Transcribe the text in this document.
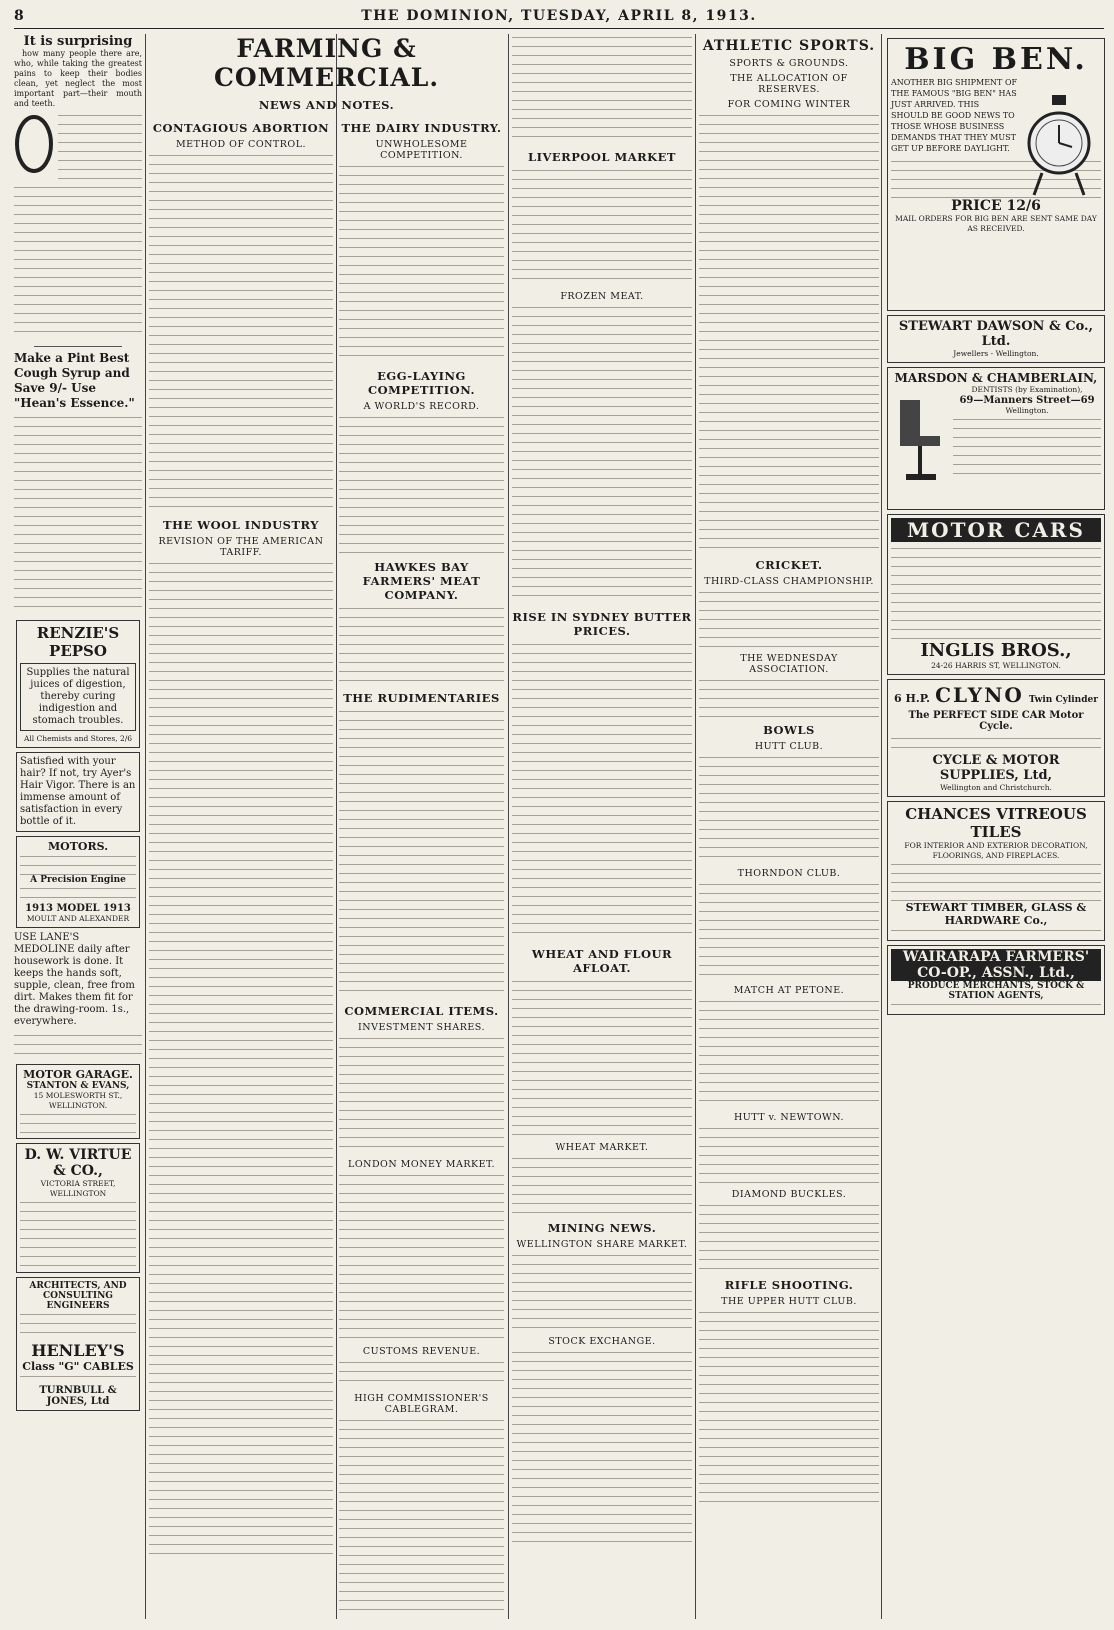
8	THE DOMINION, TUESDAY, APRIL 8, 1913.
It is surprising

how many people there are, who, while taking the greatest pains to keep their bodies clean, yet neglect the most important part—their mouth and teeth.

Make a Pint Best Cough Syrup and Save 9/- Use "Hean's Essence."
RENZIE'S PEPSO
Supplies the natural juices of digestion, thereby curing indigestion and stomach troubles.
All Chemists and Stores, 2/6
Satisfied with your hair? If not, try Ayer's Hair Vigor. There is an immense amount of satisfaction in every bottle of it.
MOTORS.
A Precision Engine
1913 MODEL 1913
MOULT AND ALEXANDER
USE LANE'S MEDOLINE daily after housework is done. It keeps the hands soft, supple, clean, free from dirt. Makes them fit for the drawing-room. 1s., everywhere.
MOTOR GARAGE.
STANTON & EVANS,
15 MOLESWORTH ST., WELLINGTON.
D. W. VIRTUE & CO.,
VICTORIA STREET, WELLINGTON
ARCHITECTS, AND CONSULTING ENGINEERS
HENLEY'S
Class "G" CABLES
TURNBULL & JONES, Ltd
FARMING & COMMERCIAL.
NEWS AND NOTES.
CONTAGIOUS ABORTION
METHOD OF CONTROL.
THE WOOL INDUSTRY
REVISION OF THE AMERICAN TARIFF.
THE DAIRY INDUSTRY.
UNWHOLESOME COMPETITION.
EGG-LAYING COMPETITION.
A WORLD'S RECORD.
HAWKES BAY FARMERS' MEAT COMPANY.
THE RUDIMENTARIES
COMMERCIAL ITEMS.
INVESTMENT SHARES.
LONDON MONEY MARKET.
CUSTOMS REVENUE.
HIGH COMMISSIONER'S CABLEGRAM.
LIVERPOOL MARKET
FROZEN MEAT.
RISE IN SYDNEY BUTTER PRICES.
WHEAT AND FLOUR AFLOAT.
WHEAT MARKET.
MINING NEWS.
WELLINGTON SHARE MARKET.
STOCK EXCHANGE.
ATHLETIC SPORTS.
SPORTS & GROUNDS.
THE ALLOCATION OF RESERVES.
FOR COMING WINTER
CRICKET.
THIRD-CLASS CHAMPIONSHIP.
THE WEDNESDAY ASSOCIATION.
BOWLS
HUTT CLUB.
THORNDON CLUB.
MATCH AT PETONE.
HUTT v. NEWTOWN.
DIAMOND BUCKLES.
RIFLE SHOOTING.
THE UPPER HUTT CLUB.
BIG BEN.
ANOTHER BIG SHIPMENT OF THE FAMOUS "BIG BEN" HAS JUST ARRIVED. THIS SHOULD BE GOOD NEWS TO THOSE WHOSE BUSINESS DEMANDS THAT THEY MUST GET UP BEFORE DAYLIGHT.
PRICE 12/6
MAIL ORDERS FOR BIG BEN ARE SENT SAME DAY AS RECEIVED.
STEWART DAWSON & Co., Ltd.
Jewellers - Wellington.
MARSDON & CHAMBERLAIN,
DENTISTS (by Examination),
69—Manners Street—69
Wellington.
MOTOR CARS
INGLIS BROS.,
24-26 HARRIS ST, WELLINGTON.
6 H.P. CLYNO Twin Cylinder
The PERFECT SIDE CAR Motor Cycle.
CYCLE & MOTOR SUPPLIES, Ltd,
Wellington and Christchurch.
CHANCES VITREOUS TILES
FOR INTERIOR AND EXTERIOR DECORATION, FLOORINGS, AND FIREPLACES.
STEWART TIMBER, GLASS & HARDWARE Co.,
WAIRARAPA FARMERS' CO-OP., ASSN., Ltd.,
PRODUCE MERCHANTS, STOCK & STATION AGENTS,
